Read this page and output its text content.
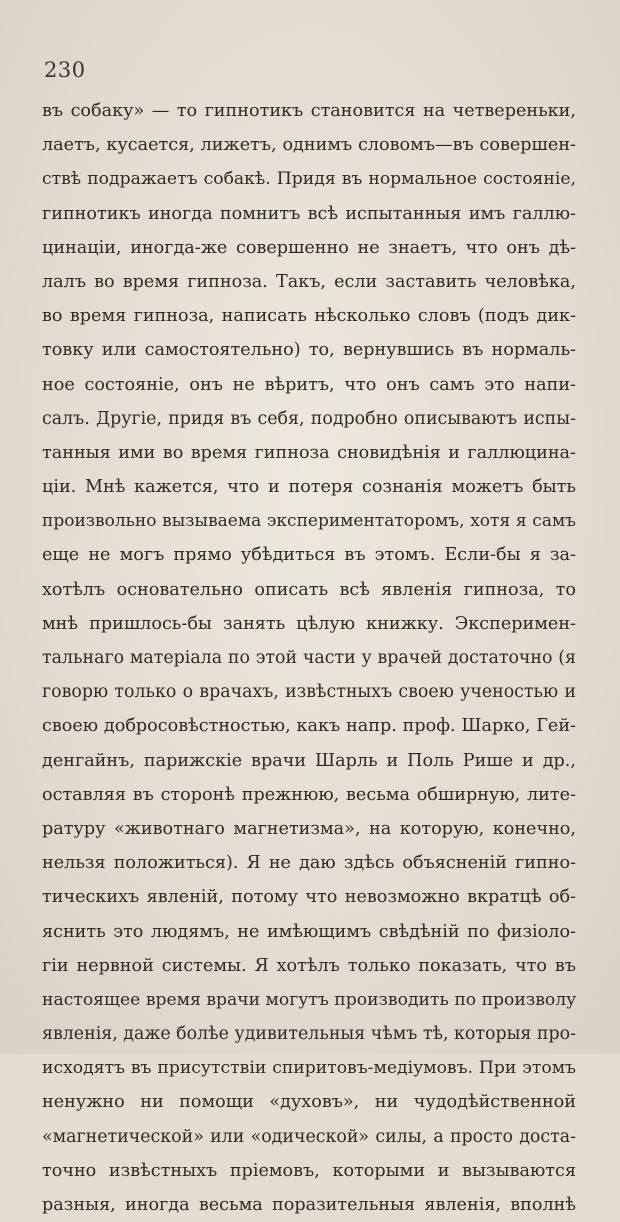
230
въ собаку» — то гипнотикъ становится на четвереньки,
лаетъ, кусается, лижетъ, однимъ словомъ—въ совершен-
ствѣ подражаетъ собакѣ. Придя въ нормальное состояніе,
гипнотикъ иногда помнитъ всѣ испытанныя имъ галлю-
цинаціи, иногда-же совершенно не знаетъ, что онъ дѣ-
лалъ во время гипноза. Такъ, если заставить человѣка,
во время гипноза, написать нѣсколько словъ (подъ дик-
товку или самостоятельно) то, вернувшись въ нормаль-
ное состояніе, онъ не вѣритъ, что онъ самъ это напи-
салъ. Другіе, придя въ себя, подробно описываютъ испы-
танныя ими во время гипноза сновидѣнія и галлюцина-
ціи. Мнѣ кажется, что и потеря сознанія можетъ быть
произвольно вызываема экспериментаторомъ, хотя я самъ
еще не могъ прямо убѣдиться въ этомъ. Если-бы я за-
хотѣлъ основательно описать всѣ явленія гипноза, то
мнѣ пришлось-бы занять цѣлую книжку. Эксперимен-
тальнаго матеріала по этой части у врачей достаточно (я
говорю только о врачахъ, извѣстныхъ своею ученостью и
своею добросовѣстностью, какъ напр. проф. Шарко, Гей-
денгайнъ, парижскіе врачи Шарль и Поль Рише и др.,
оставляя въ сторонѣ прежнюю, весьма обширную, лите-
ратуру «животнаго магнетизма», на которую, конечно,
нельзя положиться). Я не даю здѣсь объясненій гипно-
тическихъ явленій, потому что невозможно вкратцѣ об-
яснить это людямъ, не имѣющимъ свѣдѣній по физіоло-
гіи нервной системы. Я хотѣлъ только показать, что въ
настоящее время врачи могутъ производить по произволу
явленія, даже болѣе удивительныя чѣмъ тѣ, которыя про-
исходятъ въ присутствіи спиритовъ-медіумовъ. При этомъ
ненужно ни помощи «духовъ», ни чудодѣйственной
«магнетической» или «одической» силы, а просто доста-
точно извѣстныхъ пріемовъ, которыми и вызываются
разныя, иногда весьма поразительныя явленія, вполнѣ
